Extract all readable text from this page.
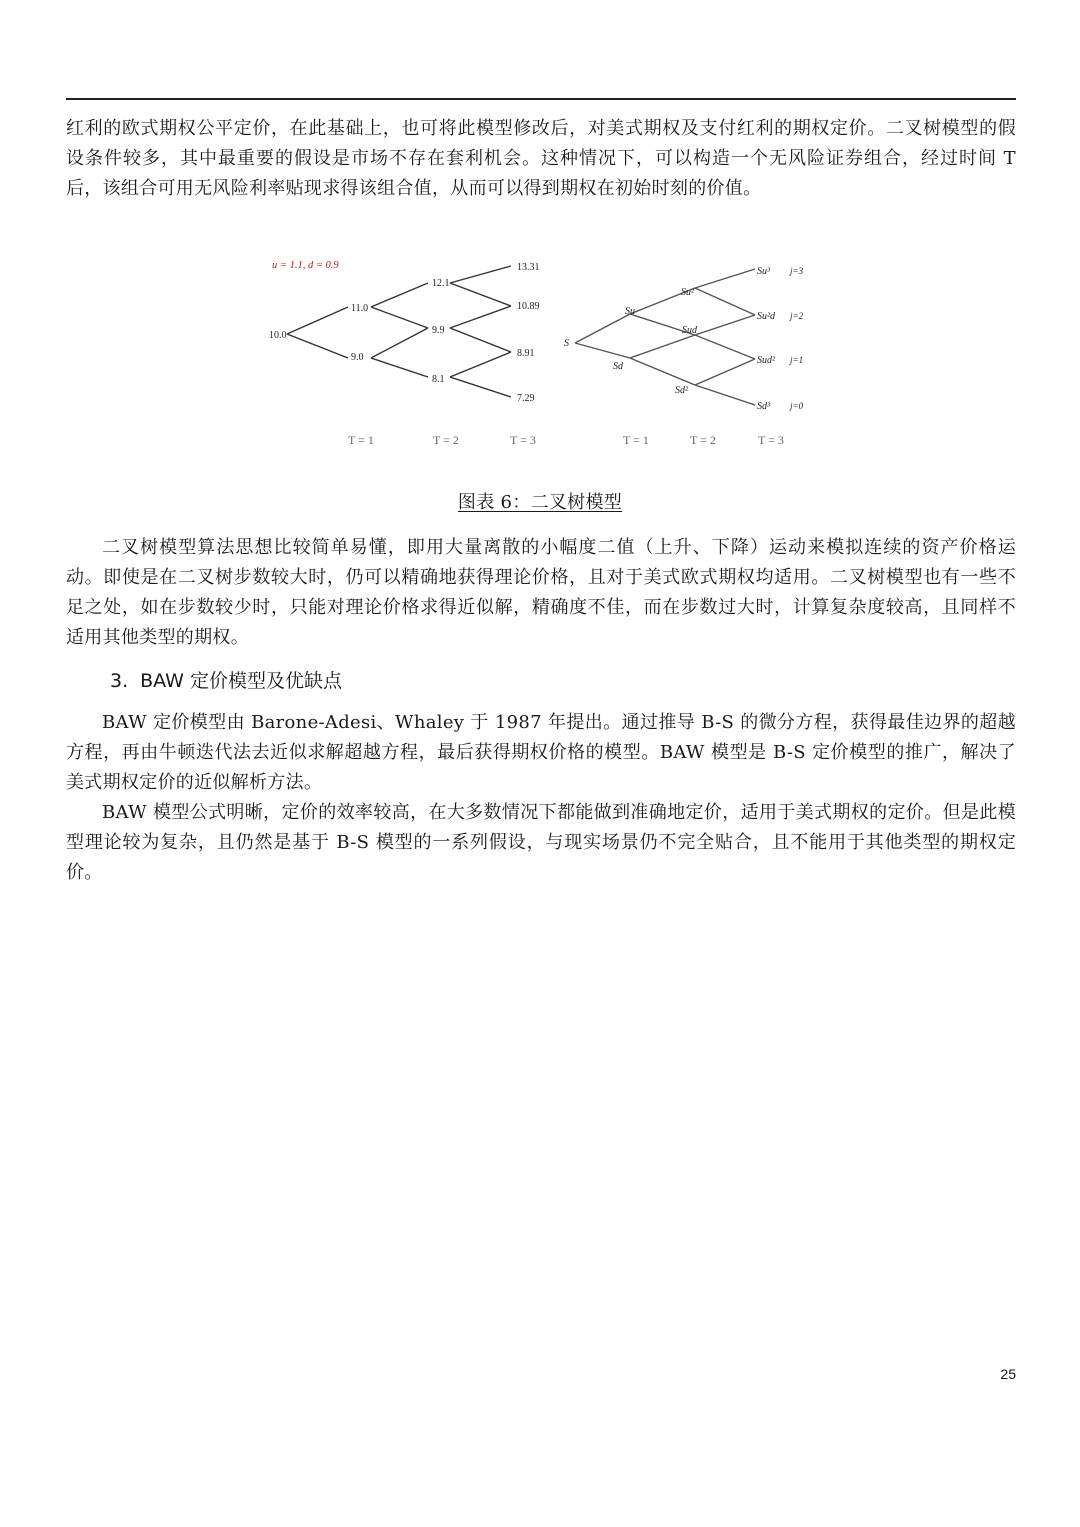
红利的欧式期权公平定价，在此基础上，也可将此模型修改后，对美式期权及支付红利的期权定价。二叉树模型的假设条件较多，其中最重要的假设是市场不存在套利机会。这种情况下，可以构造一个无风险证券组合，经过时间 T 后，该组合可用无风险利率贴现求得该组合值，从而可以得到期权在初始时刻的价值。

u = 1.1, d = 0.9
10.0
11.0
9.0
12.1
9.9
8.1
13.31
10.89
8.91
7.29
T = 1	T = 2	T = 3
S
Su
Sd
Su²
Sud
Sd²
Su³
Su²d
Sud²
Sd³
j=3
j=2
j=1
j=0
T = 1	T = 2	T = 3
图表 6：二叉树模型

二叉树模型算法思想比较简单易懂，即用大量离散的小幅度二值（上升、下降）运动来模拟连续的资产价格运动。即使是在二叉树步数较大时，仍可以精确地获得理论价格，且对于美式欧式期权均适用。二叉树模型也有一些不足之处，如在步数较少时，只能对理论价格求得近似解，精确度不佳，而在步数过大时，计算复杂度较高，且同样不适用其他类型的期权。

3. BAW 定价模型及优缺点

BAW 定价模型由 Barone-Adesi、Whaley 于 1987 年提出。通过推导 B-S 的微分方程，获得最佳边界的超越方程，再由牛顿迭代法去近似求解超越方程，最后获得期权价格的模型。BAW 模型是 B-S 定价模型的推广，解决了美式期权定价的近似解析方法。

BAW 模型公式明晰，定价的效率较高，在大多数情况下都能做到准确地定价，适用于美式期权的定价。但是此模型理论较为复杂，且仍然是基于 B-S 模型的一系列假设，与现实场景仍不完全贴合，且不能用于其他类型的期权定价。

25
